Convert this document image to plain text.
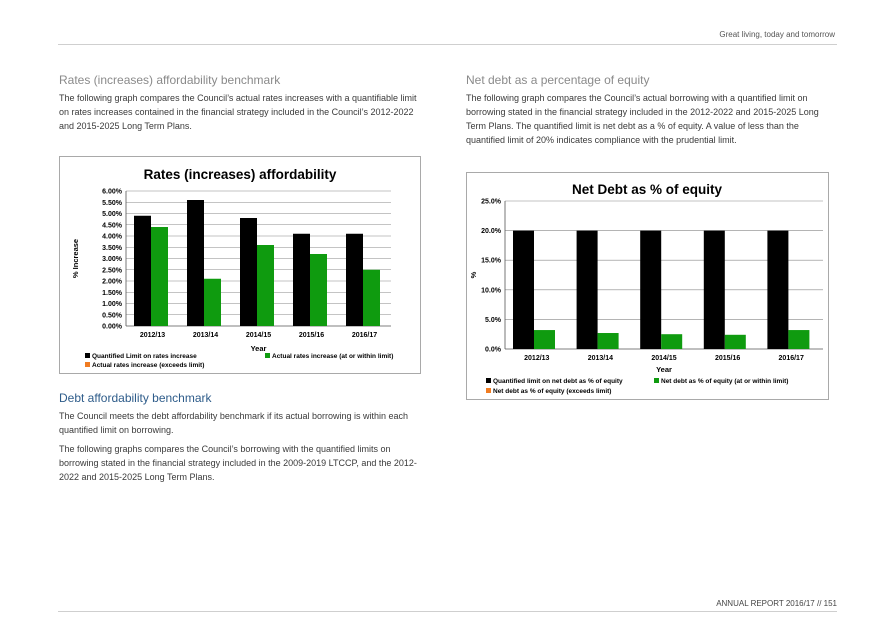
Great living, today and tomorrow
Rates (increases) affordability benchmark

The following graph compares the Council’s actual rates increases with a quantifiable limit on rates increases contained in the financial strategy included in the Council’s 2012-2022 and 2015-2025 Long Term Plans.

Net debt as a percentage of equity

The following graph compares the Council’s actual borrowing with a quantified limit on borrowing stated in the financial strategy included in the 2012-2022 and 2015-2025 Long Term Plans. The quantified limit is net debt as a % of equity. A value of less than the quantified limit of 20% indicates compliance with the prudential limit.

Rates (increases) affordability
0.00%
0.50%
1.00%
1.50%
2.00%
2.50%
3.00%
3.50%
4.00%
4.50%
5.00%
5.50%
6.00%
2012/13	2013/14	2014/15	2015/16	2016/17
Year
% Increase
Quantified Limit on rates increase	Actual rates increase (at or within limit)
Actual rates increase (exceeds limit)
Net Debt as % of equity
0.0%
5.0%
10.0%
15.0%
20.0%
25.0%
2012/13	2013/14	2014/15	2015/16	2016/17
Year
%
Quantified limit on net debt as % of equity	Net debt as % of equity (at or within limit)
Net debt as % of equity (exceeds limit)
Debt affordability benchmark

The Council meets the debt affordability benchmark if its actual borrowing is within each quantified limit on borrowing.

The following graphs compares the Council’s borrowing with the quantified limits on borrowing stated in the financial strategy included in the 2009-2019 LTCCP, and the 2012-2022 and 2015-2025 Long Term Plans.

ANNUAL REPORT 2016/17 // 151
